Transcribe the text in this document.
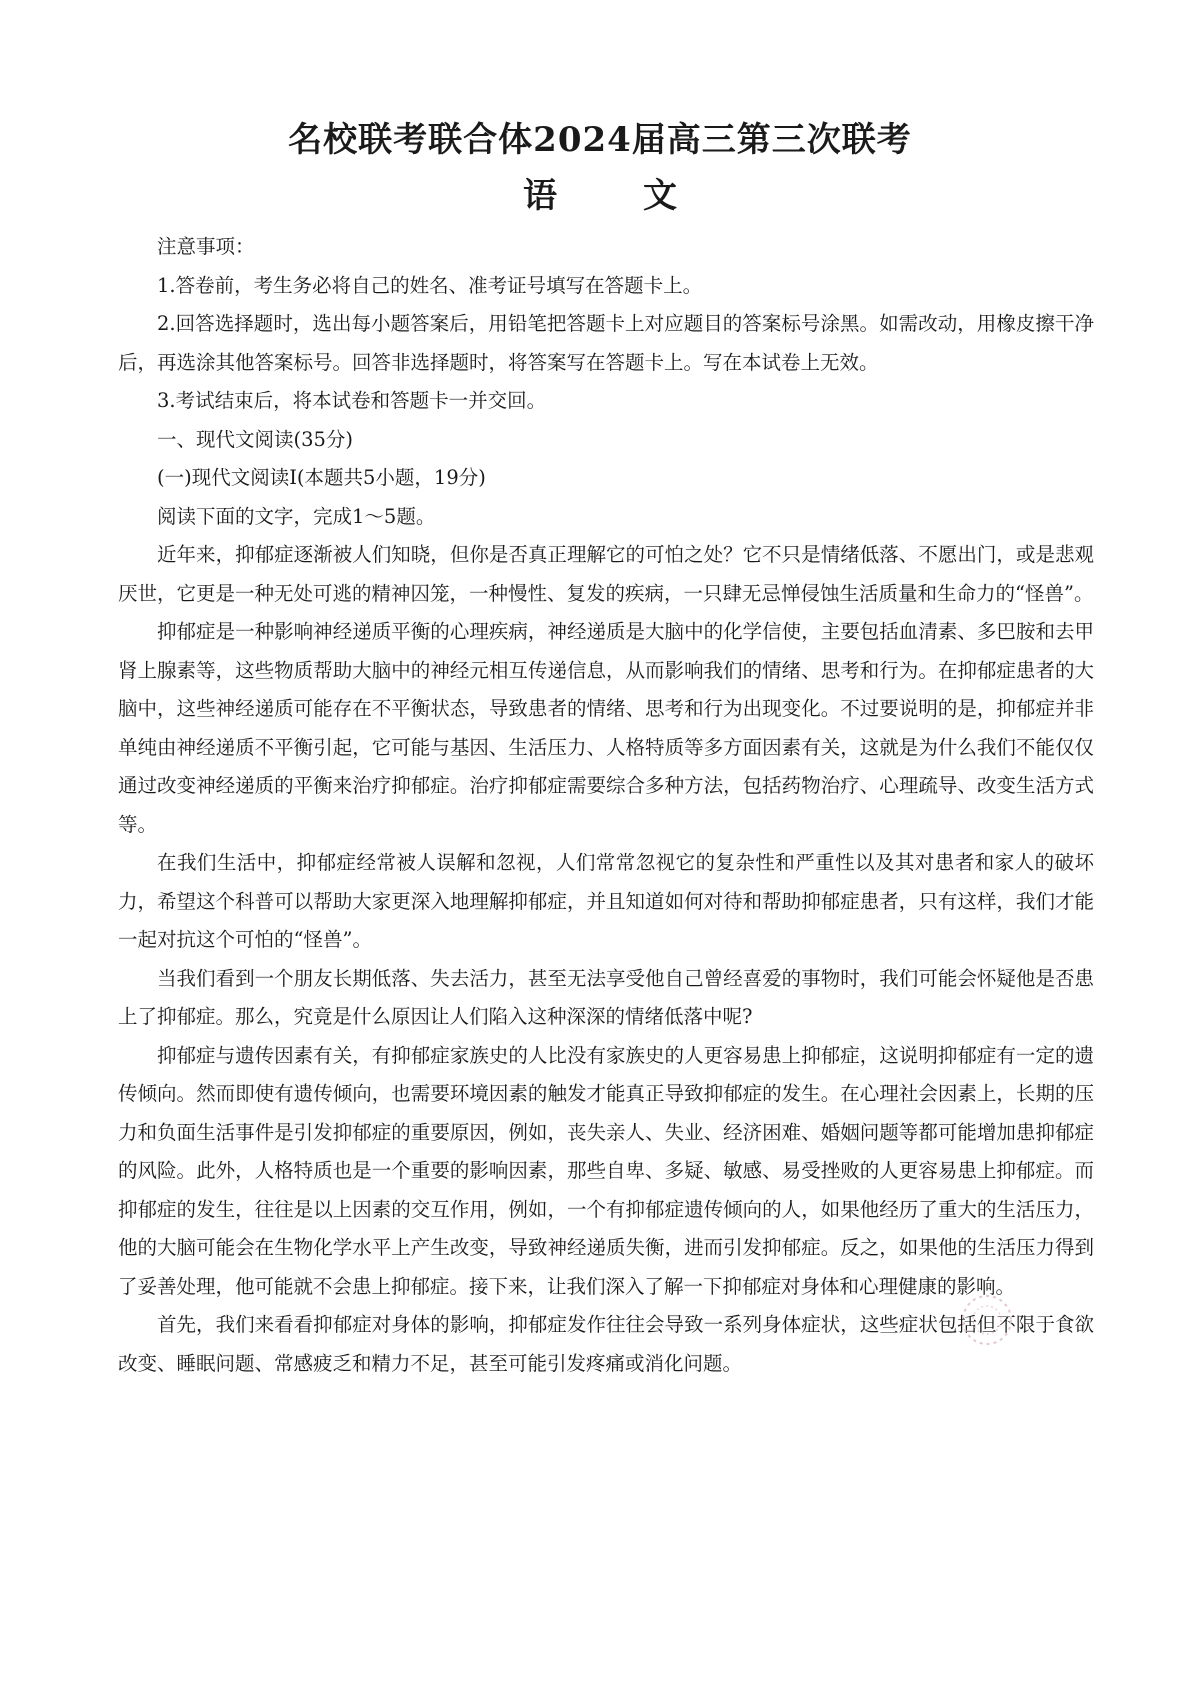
名校联考联合体2024届高三第三次联考
语　文

注意事项：

1.答卷前，考生务必将自己的姓名、准考证号填写在答题卡上。

2.回答选择题时，选出每小题答案后，用铅笔把答题卡上对应题目的答案标号涂黑。如需改动，用橡皮擦干净后，再选涂其他答案标号。回答非选择题时，将答案写在答题卡上。写在本试卷上无效。

3.考试结束后，将本试卷和答题卡一并交回。

一、现代文阅读(35分)

(一)现代文阅读Ⅰ(本题共5小题，19分)

阅读下面的文字，完成1～5题。

近年来，抑郁症逐渐被人们知晓，但你是否真正理解它的可怕之处？它不只是情绪低落、不愿出门，或是悲观厌世，它更是一种无处可逃的精神囚笼，一种慢性、复发的疾病，一只肆无忌惮侵蚀生活质量和生命力的“怪兽”。

抑郁症是一种影响神经递质平衡的心理疾病，神经递质是大脑中的化学信使，主要包括血清素、多巴胺和去甲肾上腺素等，这些物质帮助大脑中的神经元相互传递信息，从而影响我们的情绪、思考和行为。在抑郁症患者的大脑中，这些神经递质可能存在不平衡状态，导致患者的情绪、思考和行为出现变化。不过要说明的是，抑郁症并非单纯由神经递质不平衡引起，它可能与基因、生活压力、人格特质等多方面因素有关，这就是为什么我们不能仅仅通过改变神经递质的平衡来治疗抑郁症。治疗抑郁症需要综合多种方法，包括药物治疗、心理疏导、改变生活方式等。

在我们生活中，抑郁症经常被人误解和忽视，人们常常忽视它的复杂性和严重性以及其对患者和家人的破坏力，希望这个科普可以帮助大家更深入地理解抑郁症，并且知道如何对待和帮助抑郁症患者，只有这样，我们才能一起对抗这个可怕的“怪兽”。

当我们看到一个朋友长期低落、失去活力，甚至无法享受他自己曾经喜爱的事物时，我们可能会怀疑他是否患上了抑郁症。那么，究竟是什么原因让人们陷入这种深深的情绪低落中呢?

抑郁症与遗传因素有关，有抑郁症家族史的人比没有家族史的人更容易患上抑郁症，这说明抑郁症有一定的遗传倾向。然而即使有遗传倾向，也需要环境因素的触发才能真正导致抑郁症的发生。在心理社会因素上，长期的压力和负面生活事件是引发抑郁症的重要原因，例如，丧失亲人、失业、经济困难、婚姻问题等都可能增加患抑郁症的风险。此外，人格特质也是一个重要的影响因素，那些自卑、多疑、敏感、易受挫败的人更容易患上抑郁症。而抑郁症的发生，往往是以上因素的交互作用，例如，一个有抑郁症遗传倾向的人，如果他经历了重大的生活压力，他的大脑可能会在生物化学水平上产生改变，导致神经递质失衡，进而引发抑郁症。反之，如果他的生活压力得到了妥善处理，他可能就不会患上抑郁症。接下来，让我们深入了解一下抑郁症对身体和心理健康的影响。

首先，我们来看看抑郁症对身体的影响，抑郁症发作往往会导致一系列身体症状，这些症状包括但不限于食欲改变、睡眠问题、常感疲乏和精力不足，甚至可能引发疼痛或消化问题。
